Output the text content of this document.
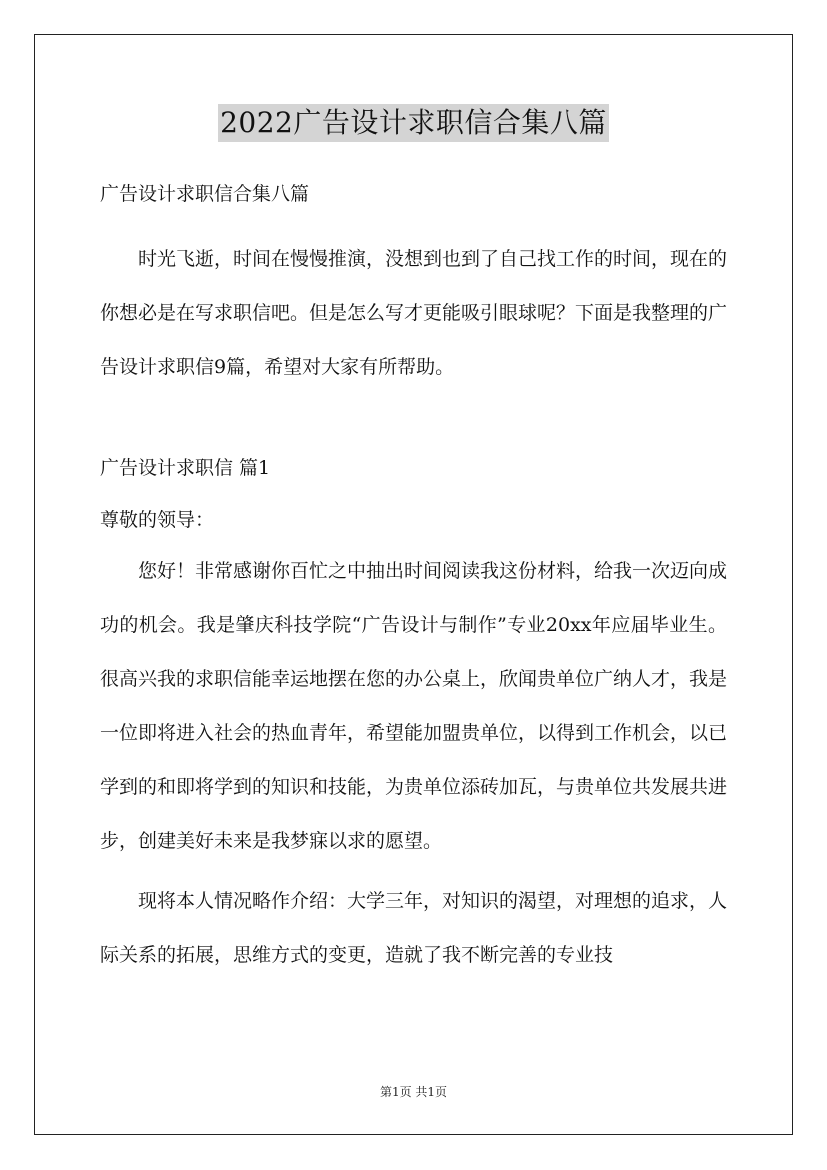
2022广告设计求职信合集八篇
广告设计求职信合集八篇

时光飞逝，时间在慢慢推演，没想到也到了自己找工作的时间，现在的你想必是在写求职信吧。但是怎么写才更能吸引眼球呢？下面是我整理的广告设计求职信9篇，希望对大家有所帮助。

广告设计求职信 篇1
尊敬的领导：

您好！非常感谢你百忙之中抽出时间阅读我这份材料，给我一次迈向成功的机会。我是肇庆科技学院“广告设计与制作”专业20xx年应届毕业生。很高兴我的求职信能幸运地摆在您的办公桌上，欣闻贵单位广纳人才，我是一位即将进入社会的热血青年，希望能加盟贵单位，以得到工作机会，以已学到的和即将学到的知识和技能，为贵单位添砖加瓦，与贵单位共发展共进步，创建美好未来是我梦寐以求的愿望。

现将本人情况略作介绍：大学三年，对知识的渴望，对理想的追求，人际关系的拓展，思维方式的变更，造就了我不断完善的专业技

第1页 共1页
